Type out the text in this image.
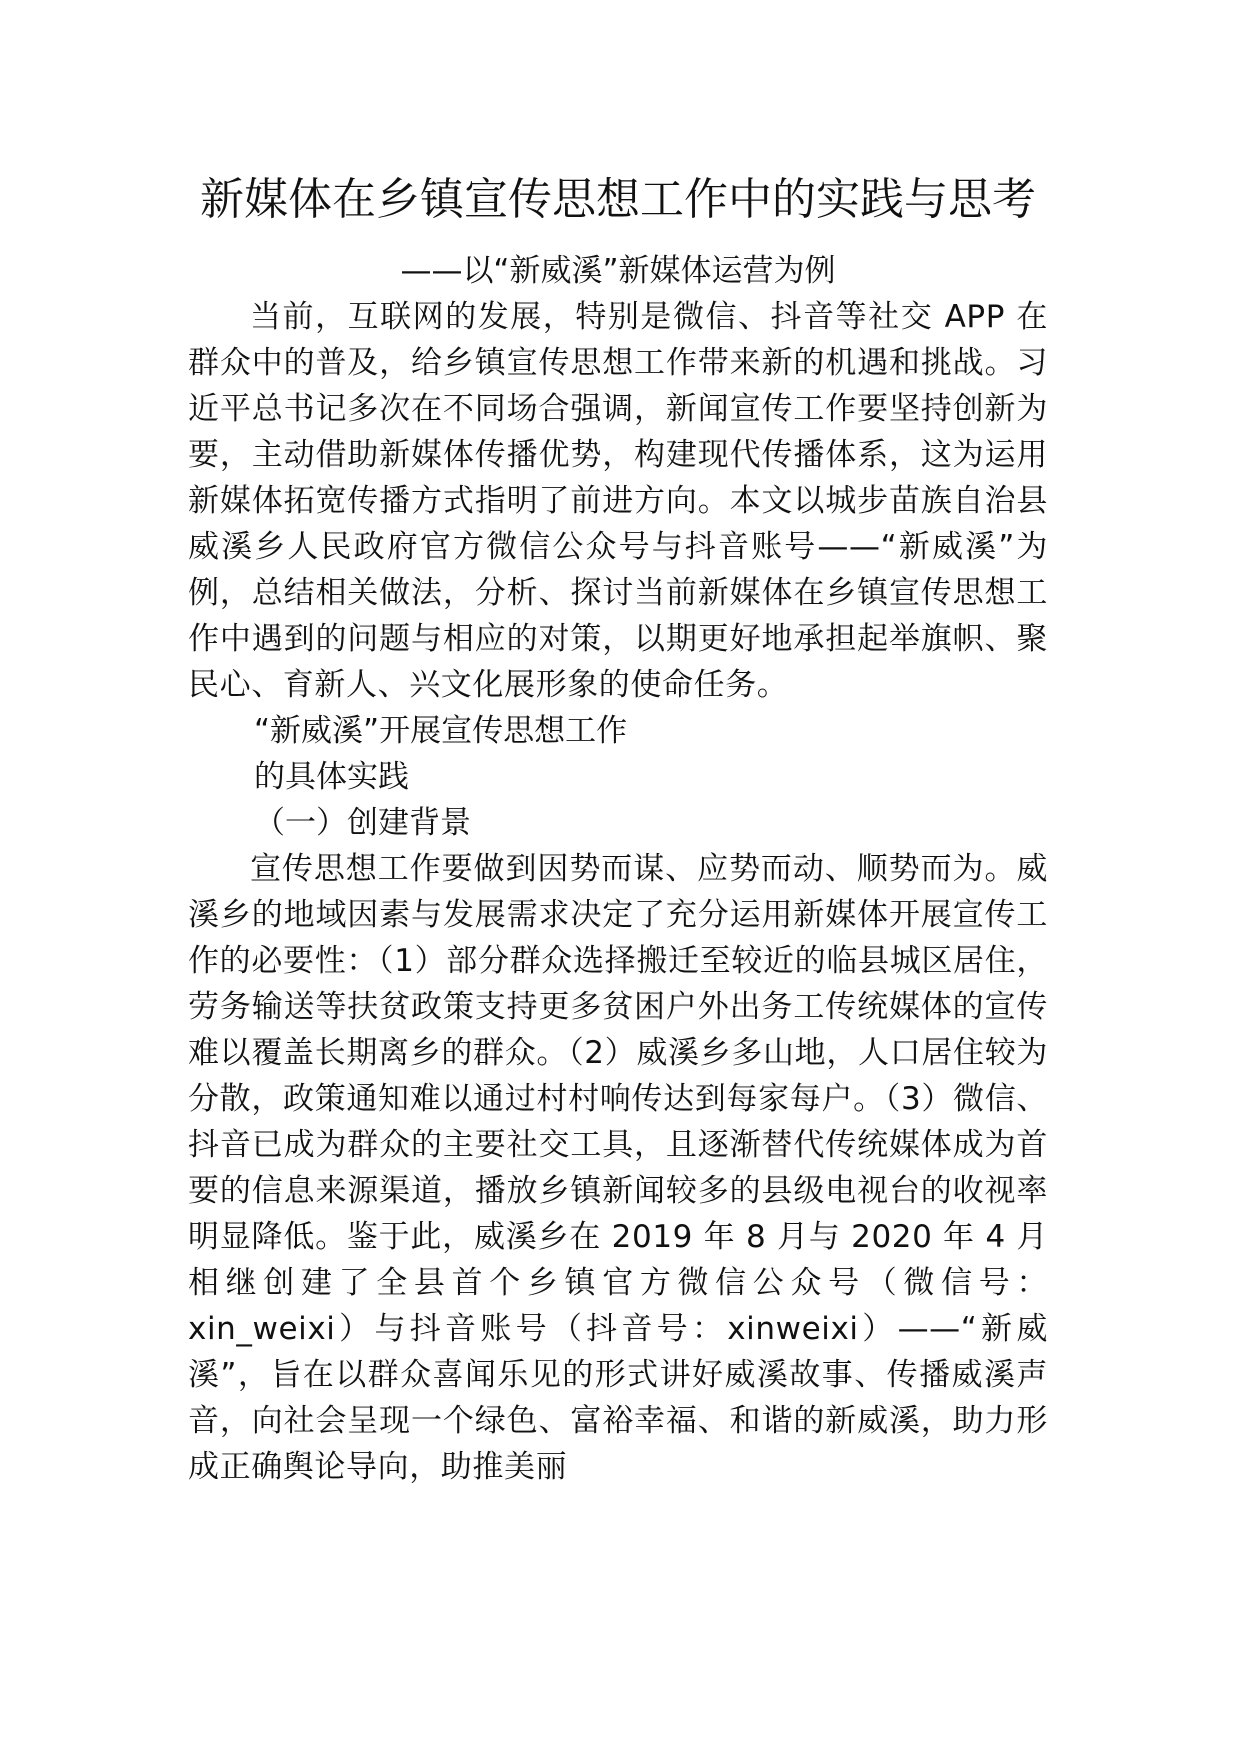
新媒体在乡镇宣传思想工作中的实践与思考

——以“新威溪”新媒体运营为例

当前，互联网的发展，特别是微信、抖音等社交 APP 在群众中的普及，给乡镇宣传思想工作带来新的机遇和挑战。习近平总书记多次在不同场合强调，新闻宣传工作要坚持创新为要，主动借助新媒体传播优势，构建现代传播体系，这为运用新媒体拓宽传播方式指明了前进方向。本文以城步苗族自治县威溪乡人民政府官方微信公众号与抖音账号——“新威溪”为例，总结相关做法，分析、探讨当前新媒体在乡镇宣传思想工作中遇到的问题与相应的对策，以期更好地承担起举旗帜、聚民心、育新人、兴文化展形象的使命任务。

“新威溪”开展宣传思想工作

的具体实践

（一）创建背景

宣传思想工作要做到因势而谋、应势而动、顺势而为。威溪乡的地域因素与发展需求决定了充分运用新媒体开展宣传工作的必要性：（1）部分群众选择搬迁至较近的临县城区居住，劳务输送等扶贫政策支持更多贫困户外出务工传统媒体的宣传难以覆盖长期离乡的群众。（2）威溪乡多山地，人口居住较为分散，政策通知难以通过村村响传达到每家每户。（3）微信、抖音已成为群众的主要社交工具，且逐渐替代传统媒体成为首要的信息来源渠道，播放乡镇新闻较多的县级电视台的收视率明显降低。鉴于此，威溪乡在 2019 年 8 月与 2020 年 4 月相继创建了全县首个乡镇官方微信公众号（微信号：xin_weixi）与抖音账号（抖音号：xinweixi）——“新威溪”，旨在以群众喜闻乐见的形式讲好威溪故事、传播威溪声音，向社会呈现一个绿色、富裕幸福、和谐的新威溪，助力形成正确舆论导向，助推美丽
